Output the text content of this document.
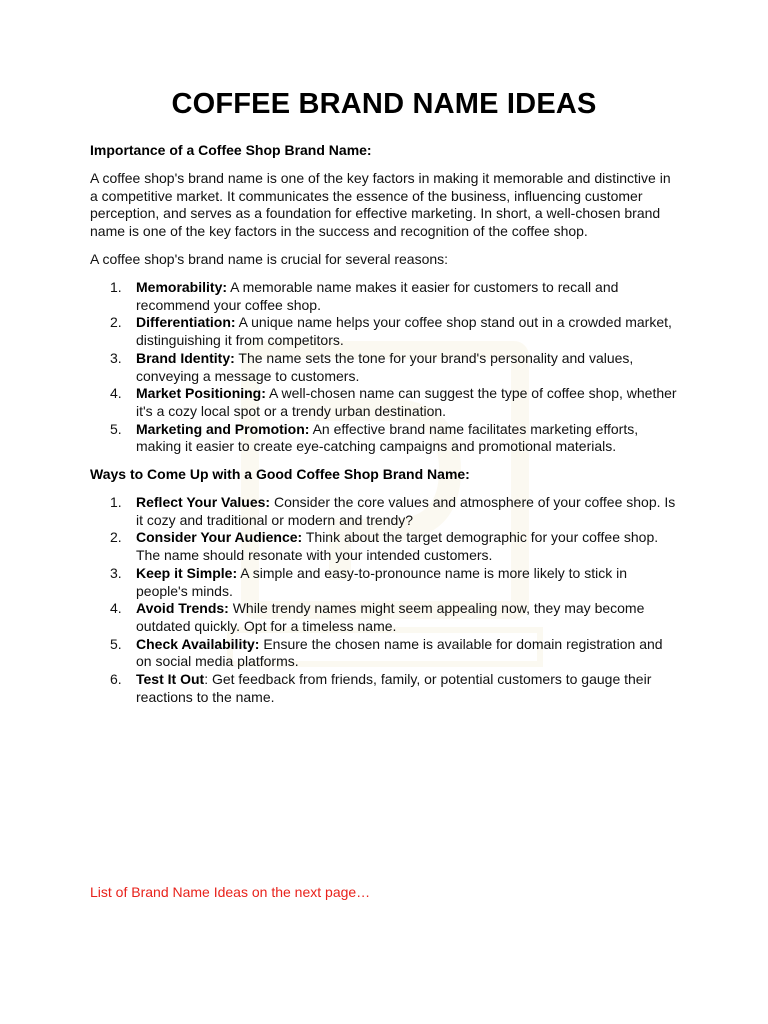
COFFEE BRAND NAME IDEAS

Importance of a Coffee Shop Brand Name:

A coffee shop's brand name is one of the key factors in making it memorable and distinctive in a competitive market. It communicates the essence of the business, influencing customer perception, and serves as a foundation for effective marketing. In short, a well-chosen brand name is one of the key factors in the success and recognition of the coffee shop.

A coffee shop's brand name is crucial for several reasons:

1. Memorability: A memorable name makes it easier for customers to recall and recommend your coffee shop.
2. Differentiation: A unique name helps your coffee shop stand out in a crowded market, distinguishing it from competitors.
3. Brand Identity: The name sets the tone for your brand's personality and values, conveying a message to customers.
4. Market Positioning: A well-chosen name can suggest the type of coffee shop, whether it's a cozy local spot or a trendy urban destination.
5. Marketing and Promotion: An effective brand name facilitates marketing efforts, making it easier to create eye-catching campaigns and promotional materials.

Ways to Come Up with a Good Coffee Shop Brand Name:

1. Reflect Your Values: Consider the core values and atmosphere of your coffee shop. Is it cozy and traditional or modern and trendy?
2. Consider Your Audience: Think about the target demographic for your coffee shop. The name should resonate with your intended customers.
3. Keep it Simple: A simple and easy-to-pronounce name is more likely to stick in people's minds.
4. Avoid Trends: While trendy names might seem appealing now, they may become outdated quickly. Opt for a timeless name.
5. Check Availability: Ensure the chosen name is available for domain registration and on social media platforms.
6. Test It Out: Get feedback from friends, family, or potential customers to gauge their reactions to the name.

List of Brand Name Ideas on the next page…
